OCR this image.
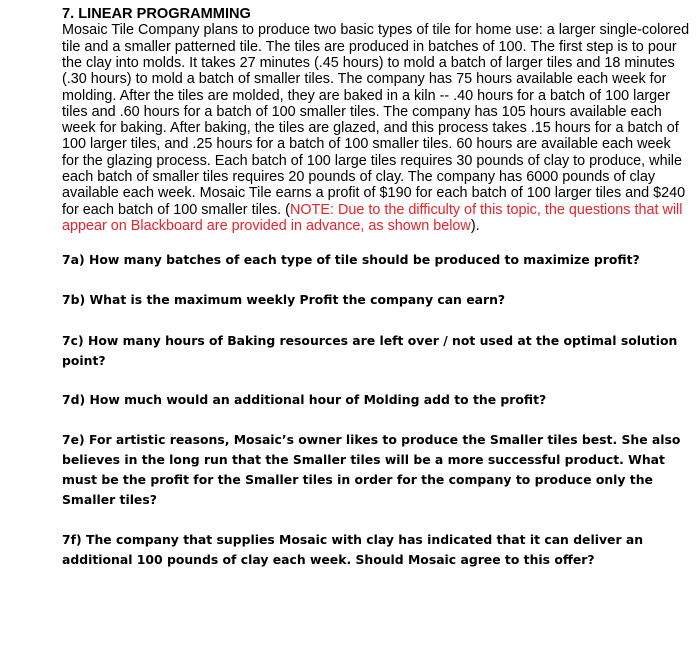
7. LINEAR PROGRAMMING

Mosaic Tile Company plans to produce two basic types of tile for home use: a larger single-colored tile and a smaller patterned tile. The tiles are produced in batches of 100. The first step is to pour the clay into molds. It takes 27 minutes (.45 hours) to mold a batch of larger tiles and 18 minutes (.30 hours) to mold a batch of smaller tiles. The company has 75 hours available each week for molding. After the tiles are molded, they are baked in a kiln -- .40 hours for a batch of 100 larger tiles and .60 hours for a batch of 100 smaller tiles. The company has 105 hours available each week for baking. After baking, the tiles are glazed, and this process takes .15 hours for a batch of 100 larger tiles, and .25 hours for a batch of 100 smaller tiles. 60 hours are available each week for the glazing process. Each batch of 100 large tiles requires 30 pounds of clay to produce, while each batch of smaller tiles requires 20 pounds of clay. The company has 6000 pounds of clay available each week. Mosaic Tile earns a profit of $190 for each batch of 100 larger tiles and $240 for each batch of 100 smaller tiles. (NOTE: Due to the difficulty of this topic, the questions that will appear on Blackboard are provided in advance, as shown below).

7a) How many batches of each type of tile should be produced to maximize profit?

7b) What is the maximum weekly Profit the company can earn?

7c) How many hours of Baking resources are left over / not used at the optimal solution point?

7d) How much would an additional hour of Molding add to the profit?

7e) For artistic reasons, Mosaic’s owner likes to produce the Smaller tiles best. She also believes in the long run that the Smaller tiles will be a more successful product. What must be the profit for the Smaller tiles in order for the company to produce only the Smaller tiles?

7f) The company that supplies Mosaic with clay has indicated that it can deliver an additional 100 pounds of clay each week. Should Mosaic agree to this offer?
